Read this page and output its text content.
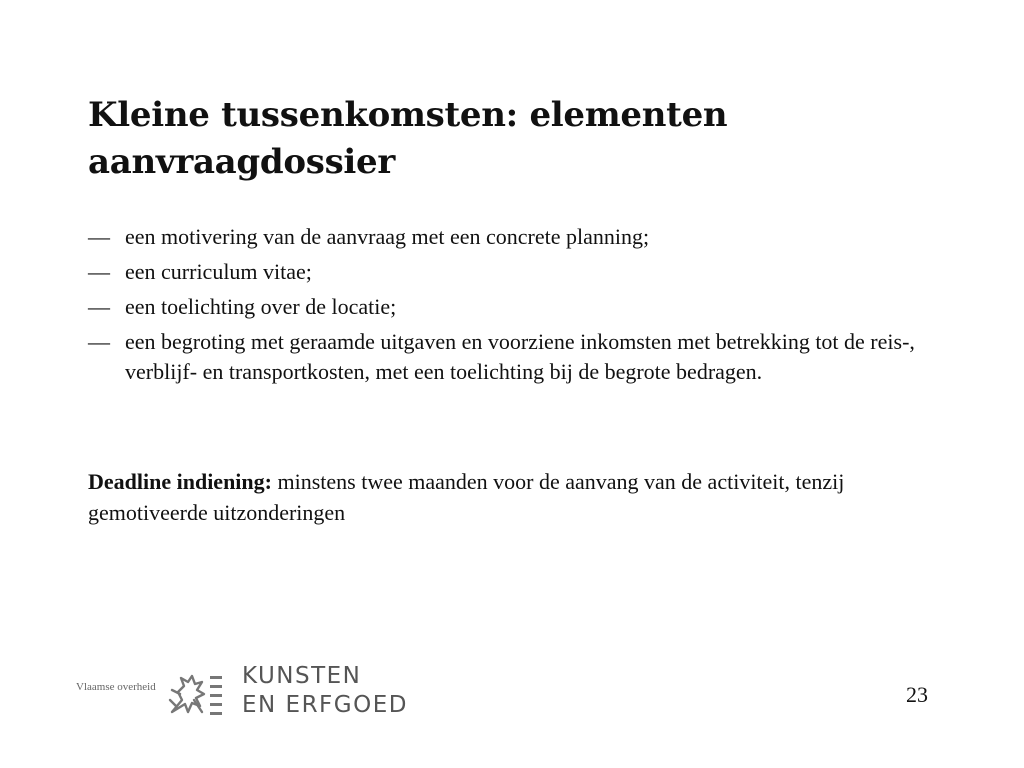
Kleine tussenkomsten: elementen aanvraagdossier
— een motivering van de aanvraag met een concrete planning;
— een curriculum vitae;
— een toelichting over de locatie;
— een begroting met geraamde uitgaven en voorziene inkomsten met betrekking tot de reis-, verblijf- en transportkosten, met een toelichting bij de begrote bedragen.

Deadline indiening: minstens twee maanden voor de aanvang van de activiteit, tenzij gemotiveerde uitzonderingen

Vlaamse overheid	KUNSTEN
EN ERFGOED	23
